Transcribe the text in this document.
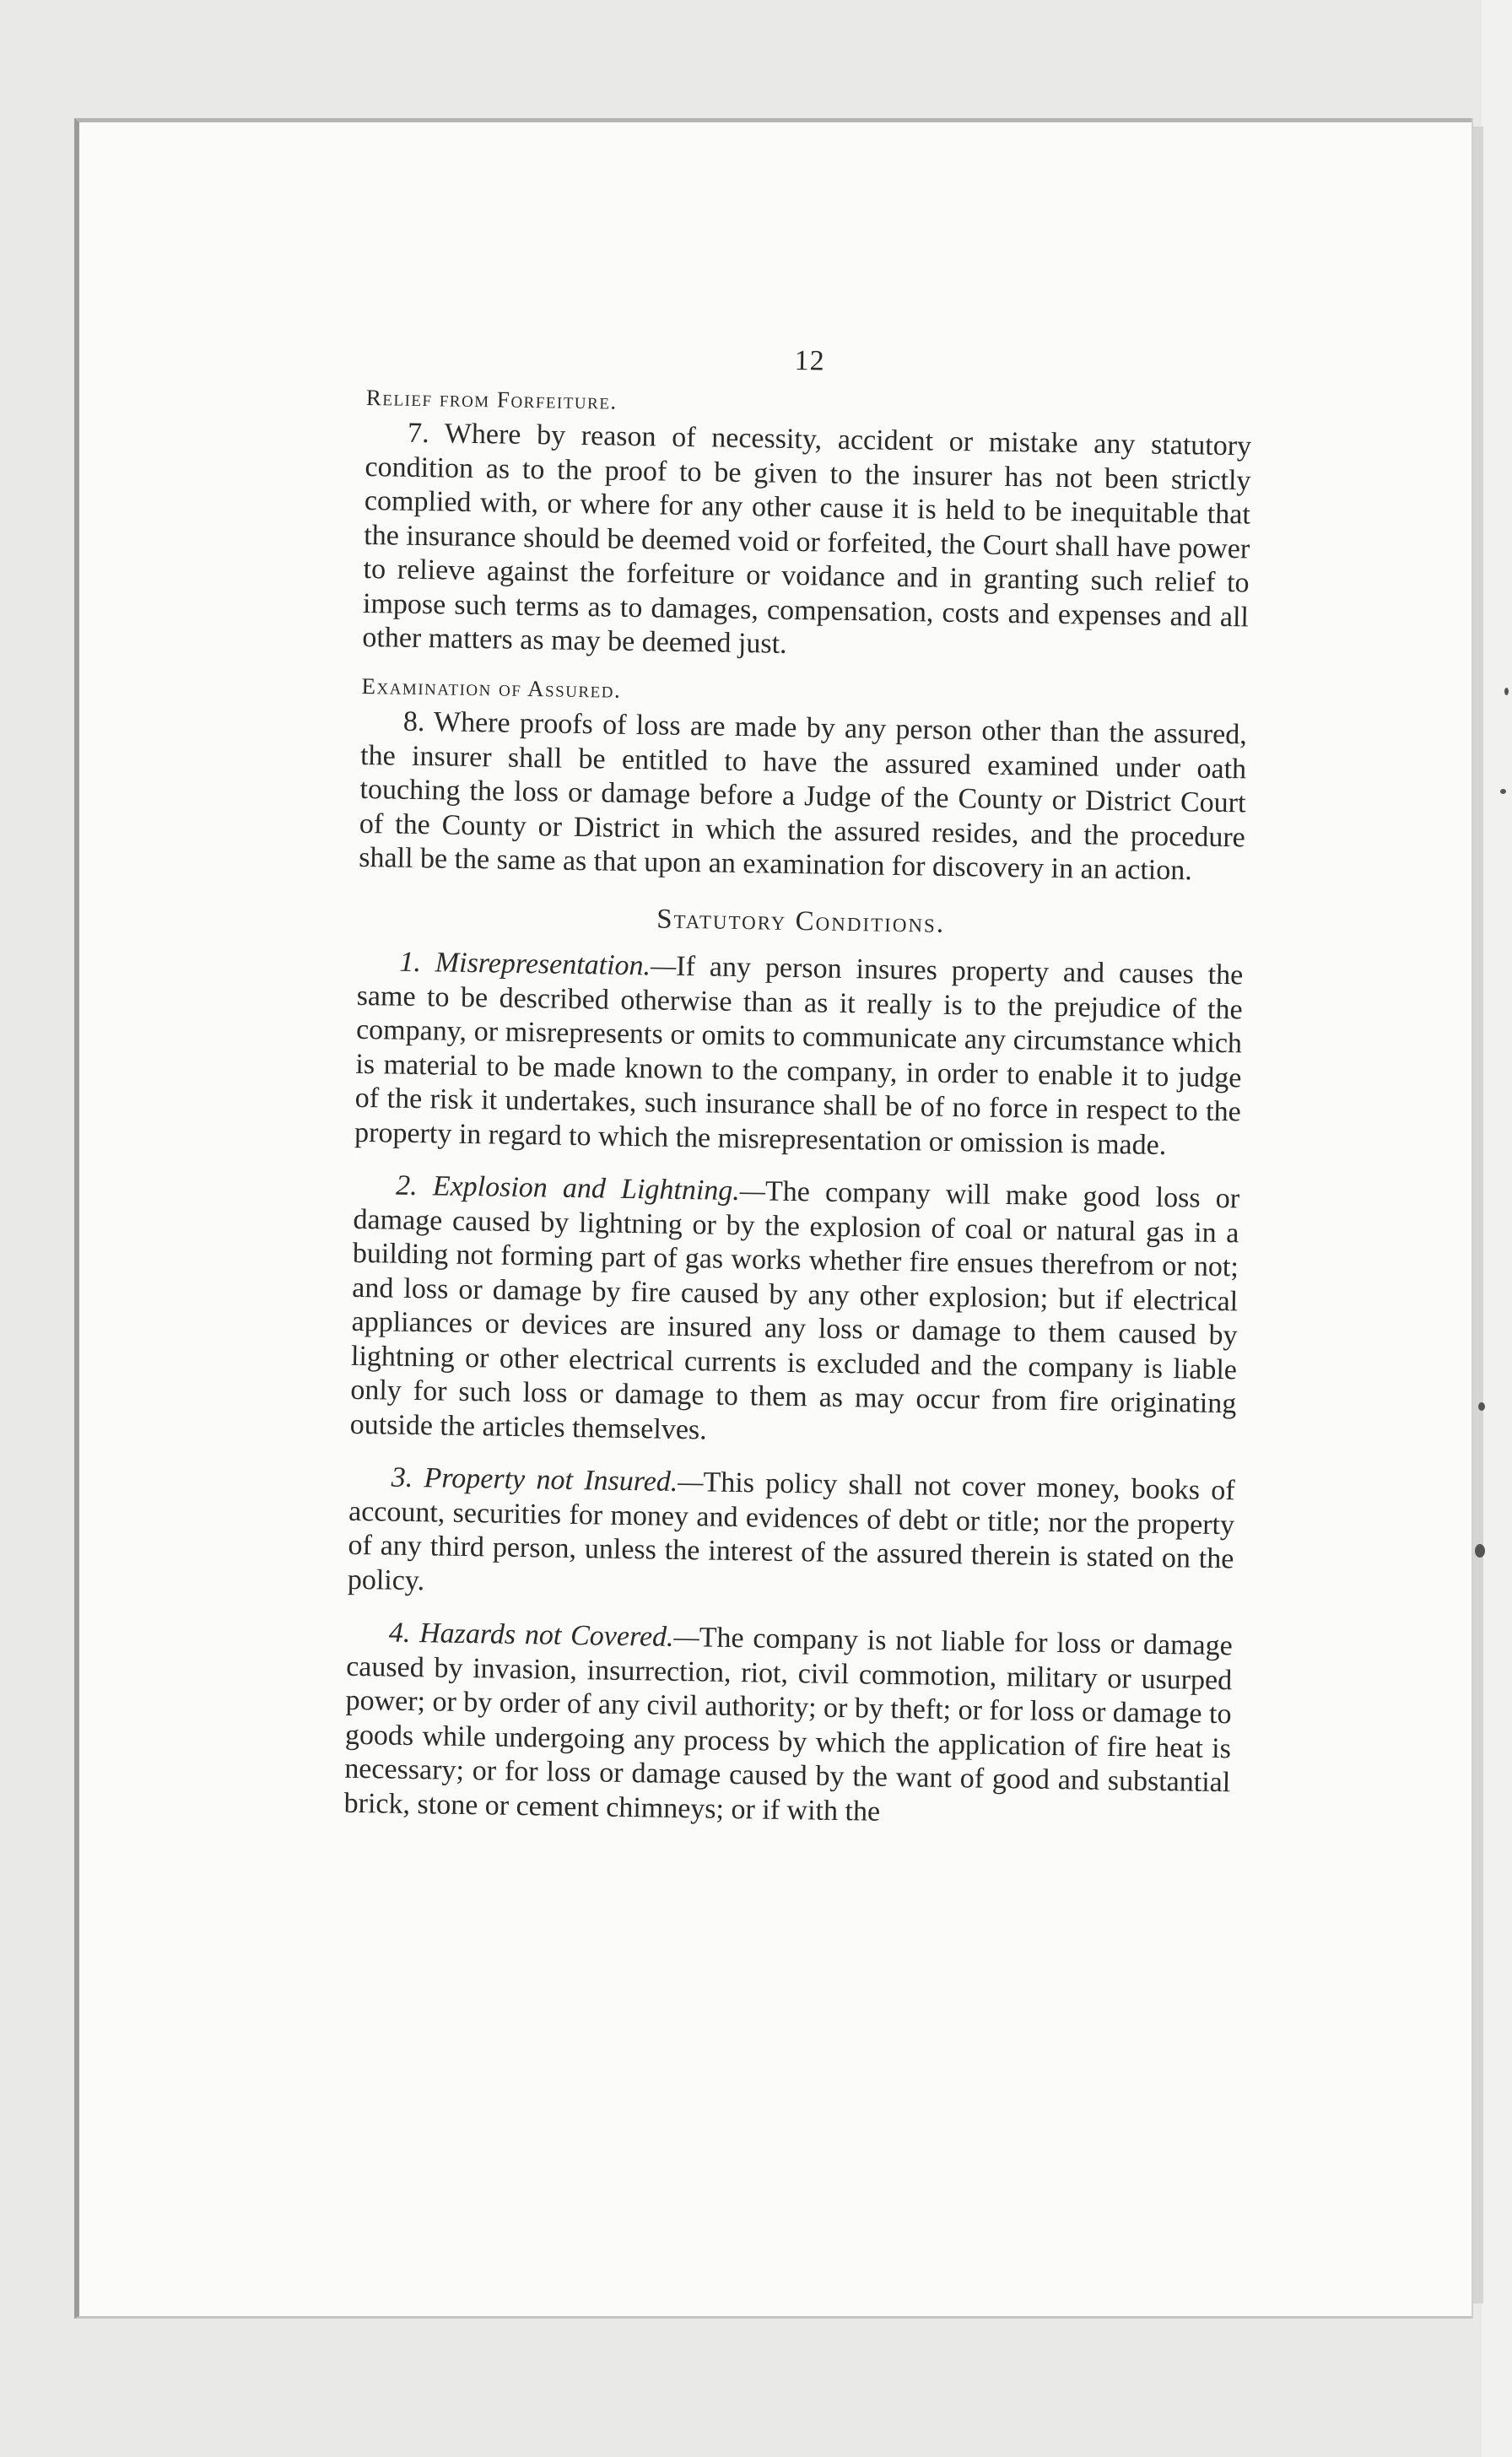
12
Relief from Forfeiture.

7. Where by reason of necessity, accident or mistake any statutory condition as to the proof to be given to the insurer has not been strictly complied with, or where for any other cause it is held to be inequitable that the insurance should be deemed void or forfeited, the Court shall have power to relieve against the forfeiture or voidance and in granting such relief to impose such terms as to damages, compensation, costs and expenses and all other matters as may be deemed just.

Examination of Assured.

8. Where proofs of loss are made by any person other than the assured, the insurer shall be entitled to have the assured examined under oath touching the loss or damage before a Judge of the County or District Court of the County or District in which the assured resides, and the procedure shall be the same as that upon an examination for discovery in an action.

Statutory Conditions.

1. Misrepresentation.—If any person insures property and causes the same to be described otherwise than as it really is to the prejudice of the company, or misrepresents or omits to communicate any circumstance which is material to be made known to the company, in order to enable it to judge of the risk it undertakes, such insurance shall be of no force in respect to the property in regard to which the misrepresentation or omission is made.

2. Explosion and Lightning.—The company will make good loss or damage caused by lightning or by the explosion of coal or natural gas in a building not forming part of gas works whether fire ensues therefrom or not; and loss or damage by fire caused by any other explosion; but if electrical appliances or devices are insured any loss or damage to them caused by lightning or other electrical currents is excluded and the company is liable only for such loss or damage to them as may occur from fire originating outside the articles themselves.

3. Property not Insured.—This policy shall not cover money, books of account, securities for money and evidences of debt or title; nor the property of any third person, unless the interest of the assured therein is stated on the policy.

4. Hazards not Covered.—The company is not liable for loss or damage caused by invasion, insurrection, riot, civil commotion, military or usurped power; or by order of any civil authority; or by theft; or for loss or damage to goods while undergoing any process by which the application of fire heat is necessary; or for loss or damage caused by the want of good and substantial brick, stone or cement chimneys; or if with the
